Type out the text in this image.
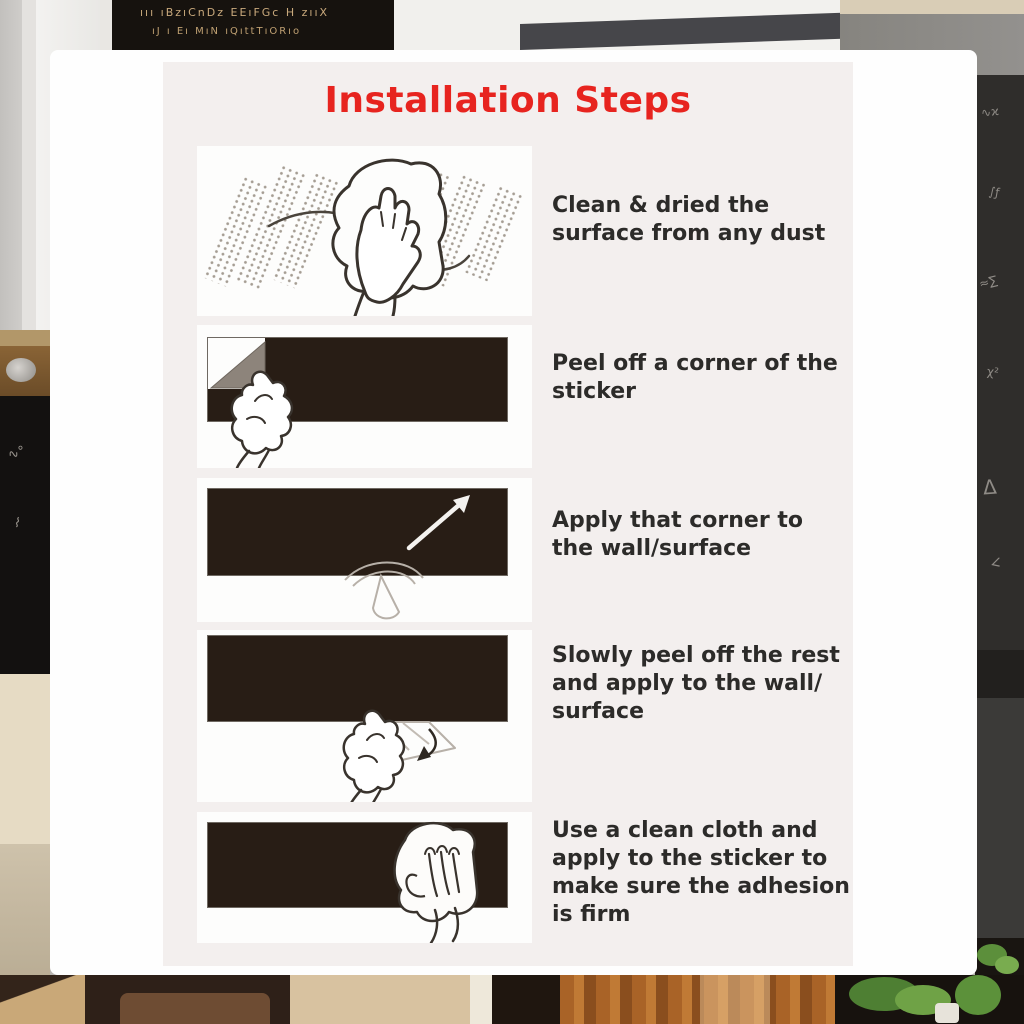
ııı ıBzıCnDz EEıFGc H zııX
ıJ ı Eı MıN ıQıttTıORıo
∿ϰ
∫ƒ
≈∑
χ²
Δ
∠
∿°
⌇
Installation Steps
Clean & dried the
surface from any dust
Peel off a corner of the
sticker
Apply that corner to
the wall/surface
Slowly peel off the rest
and apply to the wall/
surface
Use a clean cloth and
apply to the sticker to
make sure the adhesion
is firm
